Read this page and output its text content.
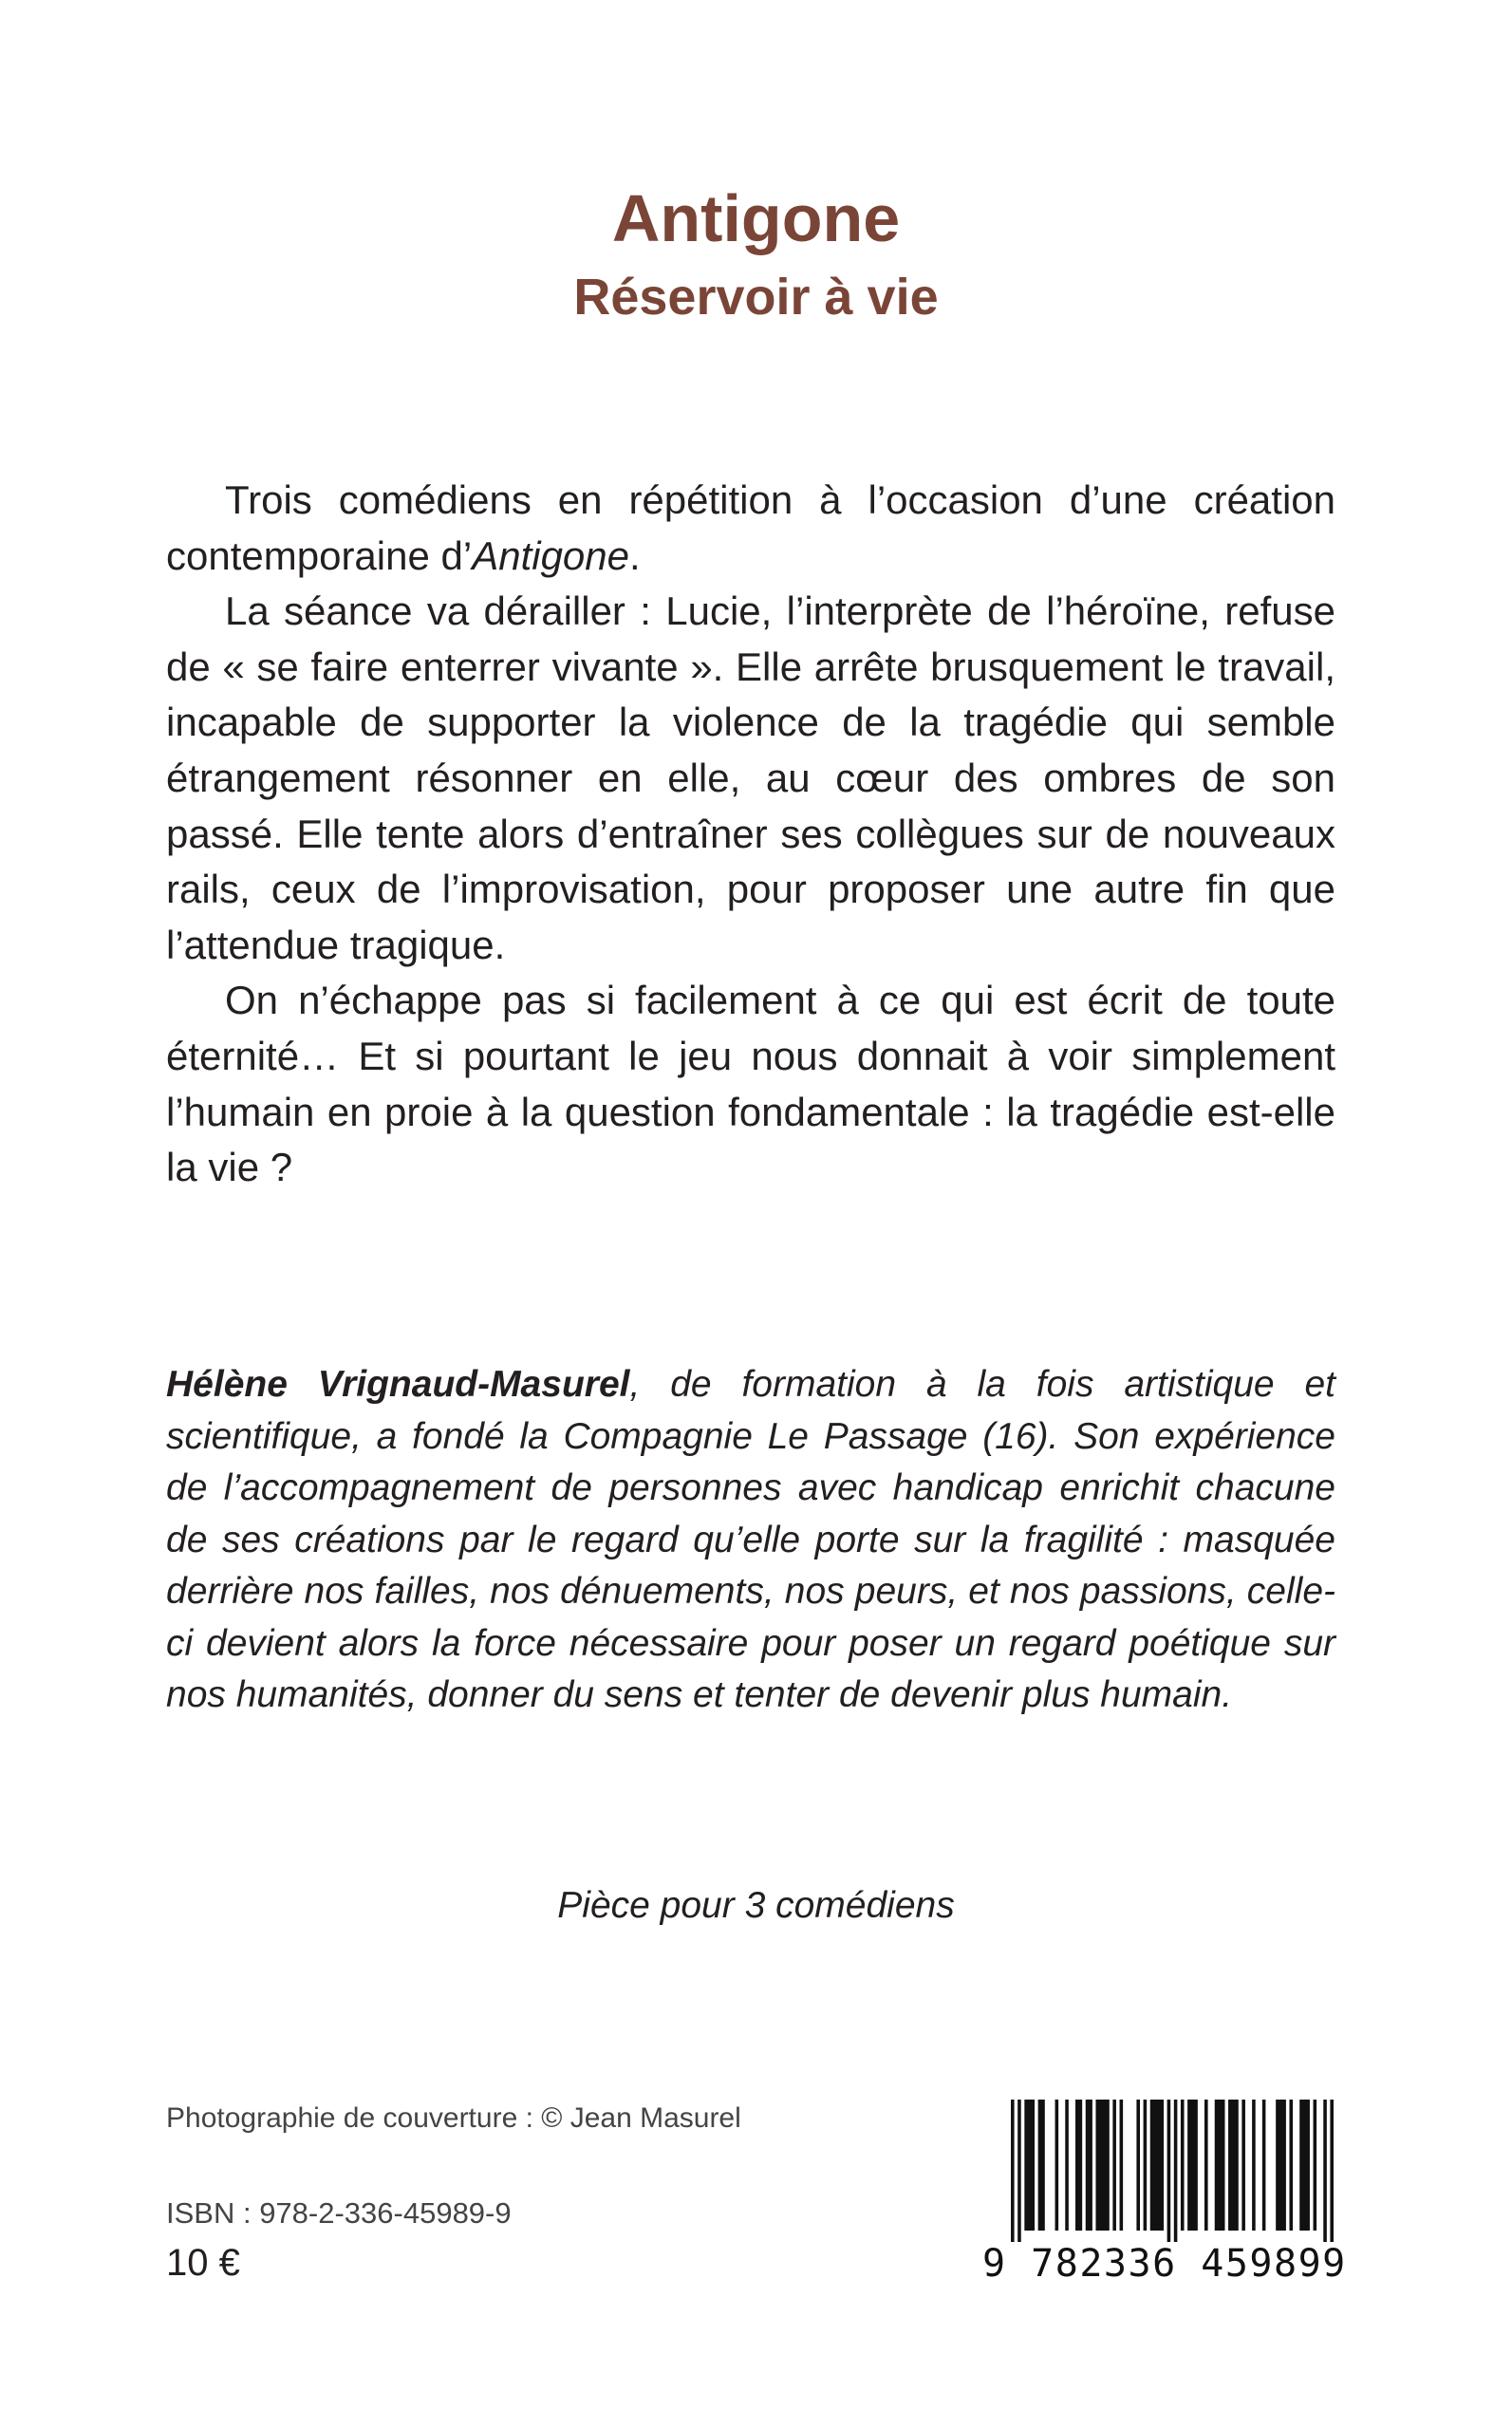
Antigone
Réservoir à vie

Trois comédiens en répétition à l’occasion d’une création contemporaine d’Antigone.

La séance va dérailler : Lucie, l’interprète de l’héroïne, refuse de « se faire enterrer vivante ». Elle arrête brusquement le travail, incapable de supporter la violence de la tragédie qui semble étrangement résonner en elle, au cœur des ombres de son passé. Elle tente alors d’entraîner ses collègues sur de nouveaux rails, ceux de l’improvisation, pour proposer une autre fin que l’attendue tragique.

On n’échappe pas si facilement à ce qui est écrit de toute éternité… Et si pourtant le jeu nous donnait à voir simplement l’humain en proie à la question fondamentale : la tragédie est-elle la vie ?

Hélène Vrignaud-Masurel, de formation à la fois artistique et scientifique, a fondé la Compagnie Le Passage (16). Son expérience de l’accompagnement de personnes avec handicap enrichit chacune de ses créations par le regard qu’elle porte sur la fragilité : masquée derrière nos failles, nos dénuements, nos peurs, et nos passions, celle-ci devient alors la force nécessaire pour poser un regard poétique sur nos humanités, donner du sens et tenter de devenir plus humain.

Pièce pour 3 comédiens
Photographie de couverture : © Jean Masurel
ISBN : 978-2-336-45989-9
10 €	9 782336 459899
